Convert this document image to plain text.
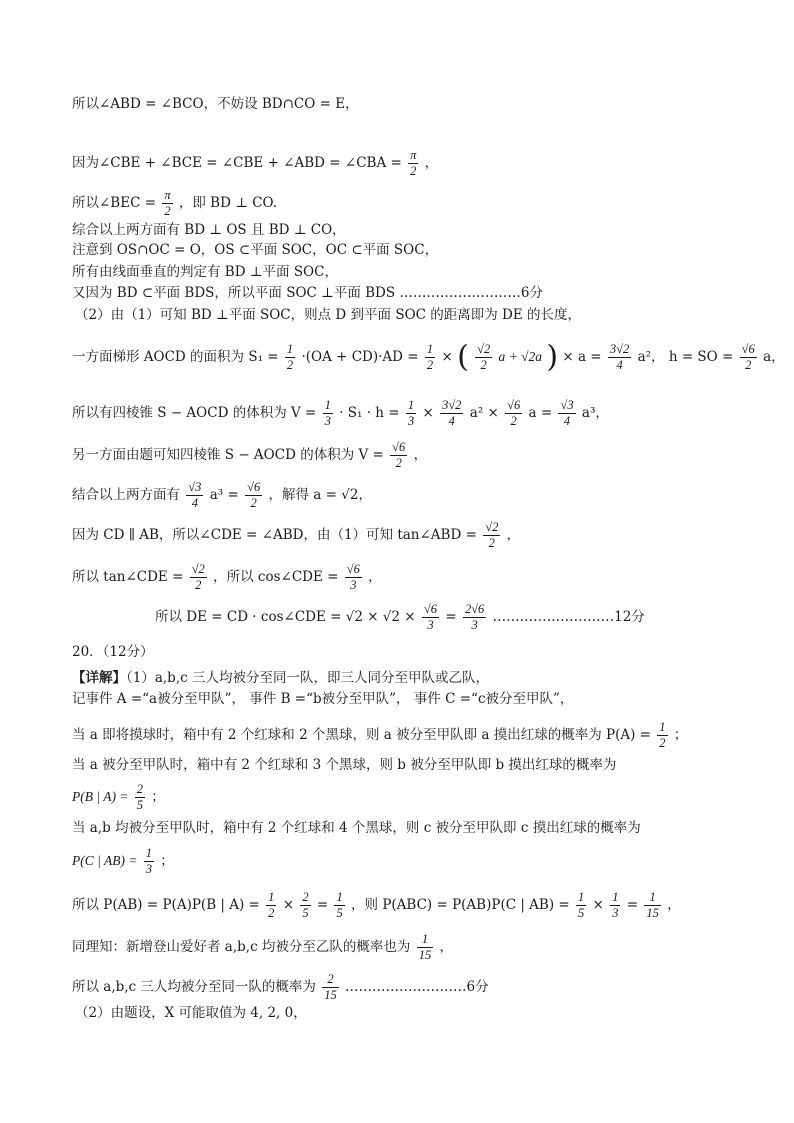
所以∠ABD = ∠BCO，不妨设 BD∩CO = E，
因为∠CBE + ∠BCE = ∠CBE + ∠ABD = ∠CBA = $\frac{\pi}{2}$ ，
所以∠BEC = $\frac{\pi}{2}$ ，即 BD ⊥ CO.
综合以上两方面有 BD ⊥ OS 且 BD ⊥ CO，
注意到 OS∩OC = O，OS ⊂平面 SOC，OC ⊂平面 SOC，
所有由线面垂直的判定有 BD ⊥平面 SOC，
又因为 BD ⊂平面 BDS，所以平面 SOC ⊥平面 BDS ………………………6分
（2）由（1）可知 BD ⊥平面 SOC，则点 D 到平面 SOC 的距离即为 DE 的长度，
一方面梯形 AOCD 的面积为 $S_1 = \frac{1}{2} \cdot(OA + CD)\cdot AD = \frac{1}{2}$ × ( $\frac{√2}{2}$ a + √2a ) × $a = \frac{3√2}{4} a^2$， h = SO = $\frac{√6}{2}$ a，
所以有四棱锥 S − AOCD 的体积为 $V = \frac{1}{3} \cdot S_1 \cdot h = \frac{1}{3} \times \frac{3√2}{4} a^2 \times \frac{√6}{2}$ $a = \frac{√3}{4} a^3$，
另一方面由题可知四棱锥 S − AOCD 的体积为 $V = \frac{√6}{2}$ ，
结合以上两方面有 $\frac{√3}{4} a^3 = \frac{√6}{2}$ ，解得 a = √2，
因为 CD ∥ AB，所以∠CDE = ∠ABD，由（1）可知 tan∠ABD = $\frac{√2}{2}$ ，
所以 tan∠CDE = $\frac{√2}{2}$ ，所以 cos∠CDE = $\frac{√6}{3}$ ，
所以 DE = CD · cos∠CDE = $√2 \times √2 \times \frac{√6}{3} = \frac{2√6}{3}$ ………………………12分
20．（12分）
【详解】（1）a,b,c 三人均被分至同一队，即三人同分至甲队或乙队，
记事件 A =“a被分至甲队”， 事件 B =“b被分至甲队”， 事件 C =“c被分至甲队”，
当 a 即将摸球时，箱中有 2 个红球和 2 个黑球，则 a 被分至甲队即 a 摸出红球的概率为 $P(A) = \frac{1}{2}$ ；
当 a 被分至甲队时，箱中有 2 个红球和 3 个黑球，则 b 被分至甲队即 b 摸出红球的概率为
P(B | $A) = \frac{2}{5}$ ；
当 a,b 均被分至甲队时，箱中有 2 个红球和 4 个黑球，则 c 被分至甲队即 c 摸出红球的概率为
P(C | $AB) = \frac{1}{3}$ ；
所以 P(AB) = P(A)P(B | $A) = \frac{1}{2} \times \frac{2}{5} = \frac{1}{5}$ ，则 P(ABC) = P(AB)P(C | $AB) = \frac{1}{5} \times \frac{1}{3} = \frac{1}{15}$ ，
同理知：新增登山爱好者 a,b,c 均被分至乙队的概率也为 $\frac{1}{15}$ ，
所以 a,b,c 三人均被分至同一队的概率为 $\frac{2}{15}$ ………………………6分
（2）由题设，X 可能取值为 4, 2, 0，
